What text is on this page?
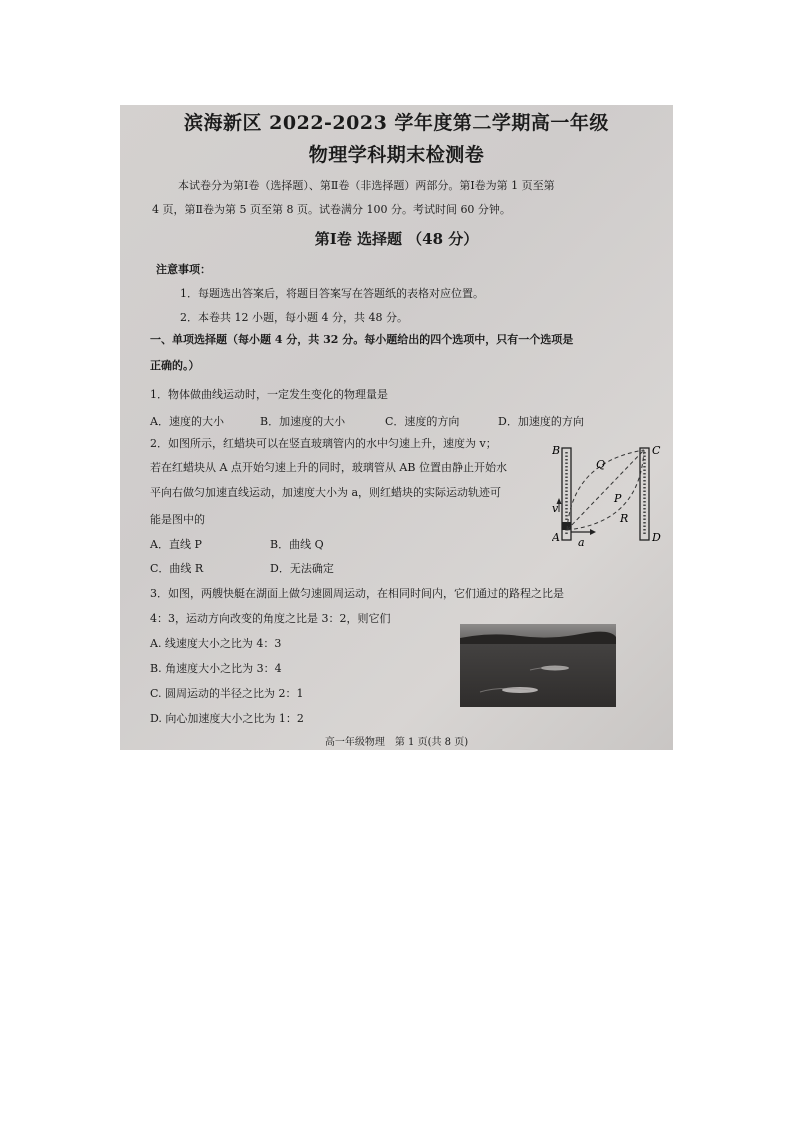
滨海新区 2022-2023 学年度第二学期高一年级
物理学科期末检测卷
本试卷分为第Ⅰ卷（选择题）、第Ⅱ卷（非选择题）两部分。第Ⅰ卷为第 1 页至第
4 页，第Ⅱ卷为第 5 页至第 8 页。试卷满分 100 分。考试时间 60 分钟。
第Ⅰ卷 选择题 （48 分）
注意事项：
1．每题选出答案后，将题目答案写在答题纸的表格对应位置。
2．本卷共 12 小题，每小题 4 分，共 48 分。
一、单项选择题（每小题 4 分，共 32 分。每小题给出的四个选项中，只有一个选项是
正确的。）
1．物体做曲线运动时，一定发生变化的物理量是
A．速度的大小	B．加速度的大小	C．速度的方向	D．加速度的方向
2．如图所示，红蜡块可以在竖直玻璃管内的水中匀速上升，速度为 v；
若在红蜡块从 A 点开始匀速上升的同时，玻璃管从 AB 位置由静止开始水
平向右做匀加速直线运动，加速度大小为 a，则红蜡块的实际运动轨迹可
能是图中的
A．直线 P	B．曲线 Q
C．曲线 R	D．无法确定
B	C
Q
P
R
v
A a	D
3．如图，两艘快艇在湖面上做匀速圆周运动，在相同时间内，它们通过的路程之比是
4：3，运动方向改变的角度之比是 3：2，则它们
A. 线速度大小之比为 4：3
B. 角速度大小之比为 3：4
C. 圆周运动的半径之比为 2：1
D. 向心加速度大小之比为 1：2
高一年级物理　第 1 页(共 8 页)
